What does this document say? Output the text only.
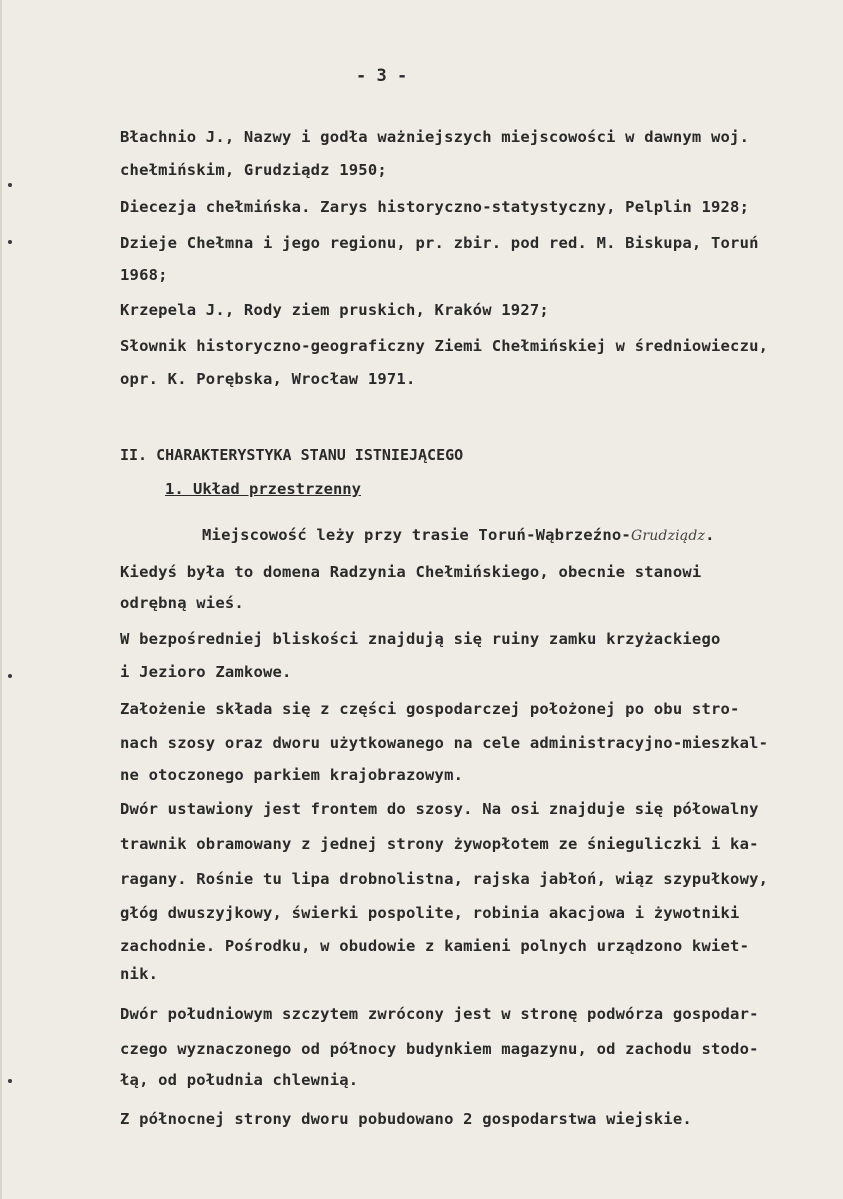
- 3 -
Błachnio J., Nazwy i godła ważniejszych miejscowości w dawnym woj.
chełmińskim, Grudziądz 1950;
Diecezja chełmińska. Zarys historyczno-statystyczny, Pelplin 1928;
Dzieje Chełmna i jego regionu, pr. zbir. pod red. M. Biskupa, Toruń
1968;
Krzepela J., Rody ziem pruskich, Kraków 1927;
Słownik historyczno-geograficzny Ziemi Chełmińskiej w średniowieczu,
opr. K. Porębska, Wrocław 1971.
II. CHARAKTERYSTYKA STANU ISTNIEJĄCEGO
1. Układ przestrzenny
Miejscowość leży przy trasie Toruń-Wąbrzeźno-Grudziądz.
Kiedyś była to domena Radzynia Chełmińskiego, obecnie stanowi
odrębną wieś.
W bezpośredniej bliskości znajdują się ruiny zamku krzyżackiego
i Jezioro Zamkowe.
Założenie składa się z części gospodarczej położonej po obu stro-
nach szosy oraz dworu użytkowanego na cele administracyjno-mieszkal-
ne otoczonego parkiem krajobrazowym.
Dwór ustawiony jest frontem do szosy. Na osi znajduje się półowalny
trawnik obramowany z jednej strony żywopłotem ze śnieguliczki i ka-
ragany. Rośnie tu lipa drobnolistna, rajska jabłoń, wiąz szypułkowy,
głóg dwuszyjkowy, świerki pospolite, robinia akacjowa i żywotniki
zachodnie. Pośrodku, w obudowie z kamieni polnych urządzono kwiet-
nik.
Dwór południowym szczytem zwrócony jest w stronę podwórza gospodar-
czego wyznaczonego od północy budynkiem magazynu, od zachodu stodo-
łą, od południa chlewnią.
Z północnej strony dworu pobudowano 2 gospodarstwa wiejskie.
